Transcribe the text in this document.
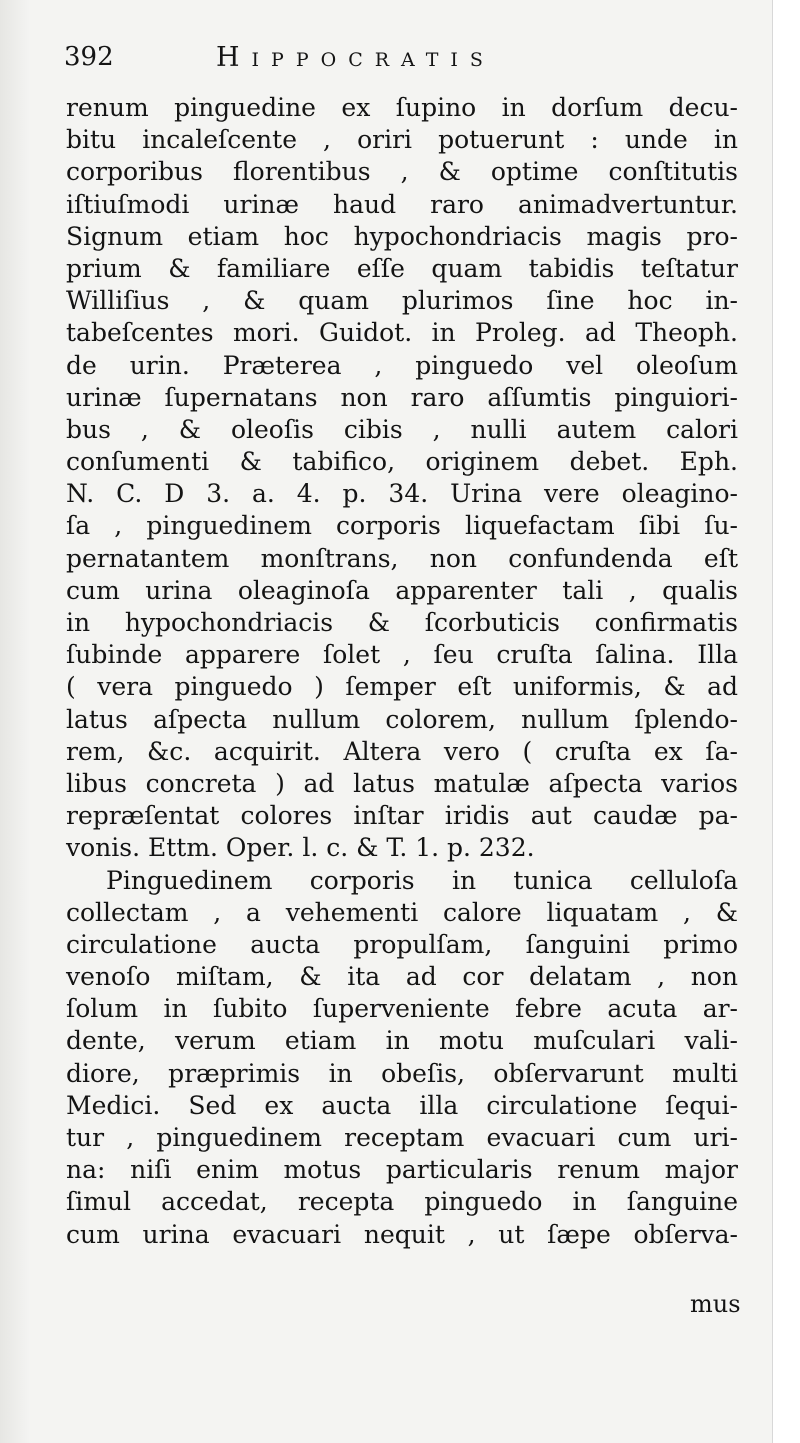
392	Hippocratis
renum pinguedine ex ſupino in dorſum decu-
bitu incaleſcente , oriri potuerunt : unde in
corporibus florentibus , & optime conſtitutis
iſtiuſmodi urinæ haud raro animadvertuntur.
Signum etiam hoc hypochondriacis magis pro-
prium & familiare eſſe quam tabidis teſtatur
Williſius , & quam plurimos ſine hoc in-
tabeſcentes mori. Guidot. in Proleg. ad Theoph.
de urin. Præterea , pinguedo vel oleoſum
urinæ ſupernatans non raro aſſumtis pinguiori-
bus , & oleoſis cibis , nulli autem calori
conſumenti & tabifico, originem debet. Eph.
N. C. D 3. a. 4. p. 34. Urina vere oleagino-
ſa , pinguedinem corporis liquefactam ſibi ſu-
pernatantem monſtrans, non confundenda eſt
cum urina oleaginoſa apparenter tali , qualis
in hypochondriacis & ſcorbuticis confirmatis
ſubinde apparere ſolet , ſeu cruſta ſalina. Illa
( vera pinguedo ) ſemper eſt uniformis, & ad
latus aſpecta nullum colorem, nullum ſplendo-
rem, &c. acquirit. Altera vero ( cruſta ex ſa-
libus concreta ) ad latus matulæ aſpecta varios
repræſentat colores inſtar iridis aut caudæ pa-
vonis. Ettm. Oper. l. c. & T. 1. p. 232.
Pinguedinem corporis in tunica celluloſa
collectam , a vehementi calore liquatam , &
circulatione aucta propulſam, ſanguini primo
venoſo miſtam, & ita ad cor delatam , non
ſolum in ſubito ſuperveniente febre acuta ar-
dente, verum etiam in motu muſculari vali-
diore, præprimis in obeſis, obſervarunt multi
Medici. Sed ex aucta illa circulatione ſequi-
tur , pinguedinem receptam evacuari cum uri-
na: niſi enim motus particularis renum major
ſimul accedat, recepta pinguedo in ſanguine
cum urina evacuari nequit , ut ſæpe obſerva-
mus
